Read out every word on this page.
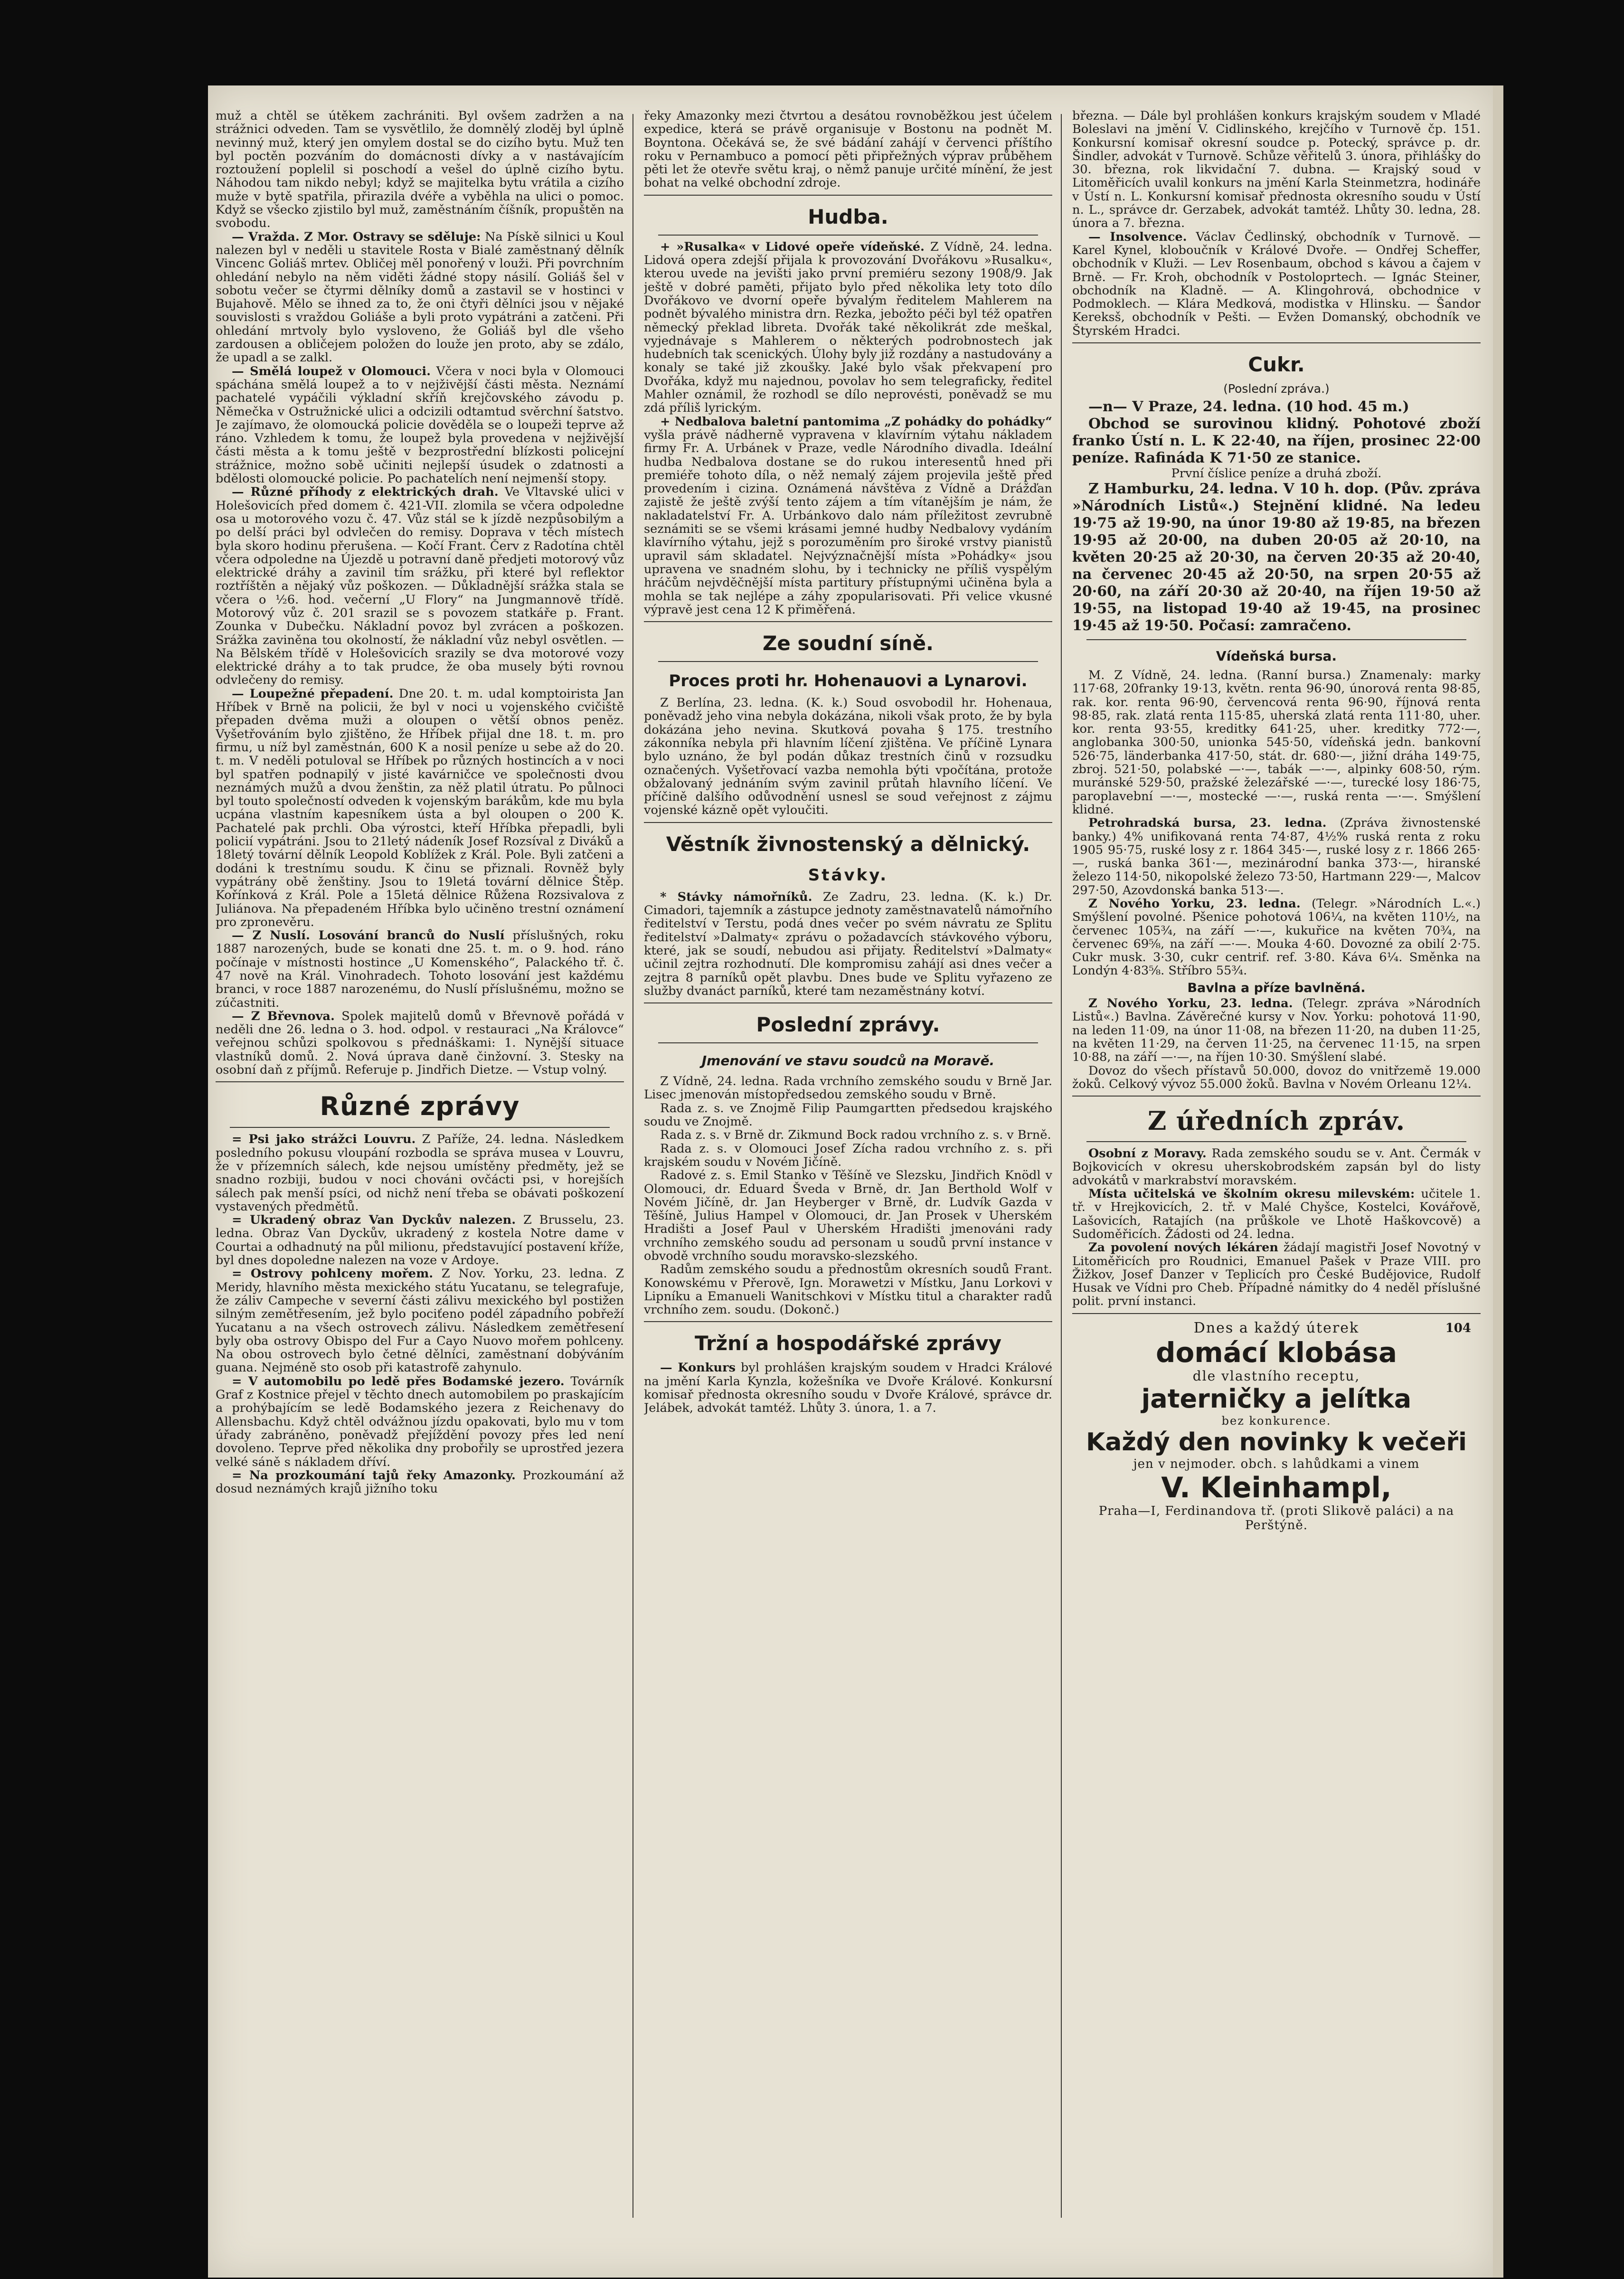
muž a chtěl se útěkem zachrániti. Byl ovšem zadržen a na strážnici odveden. Tam se vysvětlilo, že domnělý zloděj byl úplně nevinný muž, který jen omylem dostal se do cizího bytu. Muž ten byl poctěn pozváním do domácnosti dívky a v nastávajícím roztoužení poplelil si poschodí a vešel do úplně cizího bytu. Náhodou tam nikdo nebyl; když se majitelka bytu vrátila a cizího muže v bytě spatřila, přirazila dvéře a vyběhla na ulici o pomoc. Když se všecko zjistilo byl muž, zaměstnáním číšník, propuštěn na svobodu.

— Vražda. Z Mor. Ostravy se sděluje: Na Pískě silnici u Koul nalezen byl v neděli u stavitele Rosta v Bialé zaměstnaný dělník Vincenc Goliáš mrtev. Obličej měl ponořený v louži. Při povrchním ohledání nebylo na něm viděti žádné stopy násilí. Goliáš šel v sobotu večer se čtyrmi dělníky domů a zastavil se v hostinci v Bujahově. Mělo se ihned za to, že oni čtyři dělníci jsou v nějaké souvislosti s vraždou Goliáše a byli proto vypátráni a zatčeni. Při ohledání mrtvoly bylo vysloveno, že Goliáš byl dle všeho zardousen a obličejem položen do louže jen proto, aby se zdálo, že upadl a se zalkl.

— Smělá loupež v Olomouci. Včera v noci byla v Olomouci spáchána smělá loupež a to v nejživější části města. Neznámí pachatelé vypáčili výkladní skříň krejčovského závodu p. Němečka v Ostružnické ulici a odcizili odtamtud svěrchní šatstvo. Je zajímavo, že olomoucká policie dověděla se o loupeži teprve až ráno. Vzhledem k tomu, že loupež byla provedena v nejživější části města a k tomu ještě v bezprostřední blízkosti policejní strážnice, možno sobě učiniti nejlepší úsudek o zdatnosti a bdělosti olomoucké policie. Po pachatelích není nejmenší stopy.

— Různé příhody z elektrických drah. Ve Vltavské ulici v Holešovicích před domem č. 421-VII. zlomila se včera odpoledne osa u motorového vozu č. 47. Vůz stál se k jízdě nezpůsobilým a po delší práci byl odvlečen do remisy. Doprava v těch místech byla skoro hodinu přerušena. — Kočí Frant. Červ z Radotína chtěl včera odpoledne na Újezdě u potravní daně předjeti motorový vůz elektrické dráhy a zavinil tím srážku, při které byl reflektor roztříštěn a nějaký vůz poškozen. — Důkladnější srážka stala se včera o ½6. hod. večerní „U Flory“ na Jungmannově třídě. Motorový vůz č. 201 srazil se s povozem statkáře p. Frant. Zounka v Dubečku. Nákladní povoz byl zvrácen a poškozen. Srážka zaviněna tou okolností, že nákladní vůz nebyl osvětlen. — Na Bělském třídě v Holešovicích srazily se dva motorové vozy elektrické dráhy a to tak prudce, že oba musely býti rovnou odvlečeny do remisy.

— Loupežné přepadení. Dne 20. t. m. udal komptoirista Jan Hříbek v Brně na policii, že byl v noci u vojenského cvičiště přepaden dvěma muži a oloupen o větší obnos peněz. Vyšetřováním bylo zjištěno, že Hříbek přijal dne 18. t. m. pro firmu, u níž byl zaměstnán, 600 K a nosil peníze u sebe až do 20. t. m. V neděli potuloval se Hříbek po různých hostincích a v noci byl spatřen podnapilý v jisté kavárničce ve společnosti dvou neznámých mužů a dvou ženštin, za něž platil útratu. Po půlnoci byl touto společností odveden k vojenským barákům, kde mu byla ucpána vlastním kapesníkem ústa a byl oloupen o 200 K. Pachatelé pak prchli. Oba výrostci, kteří Hříbka přepadli, byli policií vypátráni. Jsou to 21letý nádeník Josef Rozsíval z Diváků a 18letý tovární dělník Leopold Koblížek z Král. Pole. Byli zatčeni a dodáni k trestnímu soudu. K činu se přiznali. Rovněž byly vypátrány obě ženštiny. Jsou to 19letá tovární dělnice Štěp. Kořínková z Král. Pole a 15letá dělnice Růžena Rozsivalova z Juliánova. Na přepadeném Hříbka bylo učiněno trestní oznámení pro zpronevěru.

— Z Nuslí. Losování branců do Nuslí příslušných, roku 1887 narozených, bude se konati dne 25. t. m. o 9. hod. ráno počínaje v místnosti hostince „U Komenského“, Palackého tř. č. 47 nově na Král. Vinohradech. Tohoto losování jest každému branci, v roce 1887 narozenému, do Nuslí příslušnému, možno se zúčastniti.

— Z Břevnova. Spolek majitelů domů v Břevnově pořádá v neděli dne 26. ledna o 3. hod. odpol. v restauraci „Na Královce“ veřejnou schůzi spolkovou s přednáškami: 1. Nynější situace vlastníků domů. 2. Nová úprava daně činžovní. 3. Stesky na osobní daň z příjmů. Referuje p. Jindřich Dietze. — Vstup volný.

Různé zprávy

= Psi jako strážci Louvru. Z Paříže, 24. ledna. Následkem posledního pokusu vloupání rozbodla se správa musea v Louvru, že v přízemních sálech, kde nejsou umístěny předměty, jež se snadno rozbiji, budou v noci chováni ovčácti psi, v horejších sálech pak menší psíci, od nichž není třeba se obávati poškození vystavených předmětů.

= Ukradený obraz Van Dyckův nalezen. Z Brusselu, 23. ledna. Obraz Van Dyckův, ukradený z kostela Notre dame v Courtai a odhadnutý na půl milionu, představující postavení kříže, byl dnes dopoledne nalezen na voze v Ardoye.

= Ostrovy pohlceny mořem. Z Nov. Yorku, 23. ledna. Z Meridy, hlavního města mexického státu Yucatanu, se telegrafuje, že záliv Campeche v severní části zálivu mexického byl postižen silným zemětřesením, jež bylo pociťeno podél západního pobřeží Yucatanu a na všech ostrovech zálivu. Následkem zemětřesení byly oba ostrovy Obispo del Fur a Cayo Nuovo mořem pohlceny. Na obou ostrovech bylo četné dělníci, zaměstnaní dobýváním guana. Nejméně sto osob při katastrofě zahynulo.

= V automobilu po ledě přes Bodamské jezero. Továrník Graf z Kostnice přejel v těchto dnech automobilem po praskajícím a prohýbajícím se ledě Bodamského jezera z Reichenavy do Allensbachu. Když chtěl odvážnou jízdu opakovati, bylo mu v tom úřady zabráněno, poněvadž přejíždění povozy přes led není dovoleno. Teprve před několika dny probořily se uprostřed jezera velké sáně s nákladem dříví.

= Na prozkoumání tajů řeky Amazonky. Prozkoumání až dosud neznámých krajů jižního toku

řeky Amazonky mezi čtvrtou a desátou rovnoběžkou jest účelem expedice, která se právě organisuje v Bostonu na podnět M. Boyntona. Očekává se, že své bádání zahájí v červenci příštího roku v Pernambuco a pomocí pěti připřežných výprav průběhem pěti let že otevře světu kraj, o němž panuje určité mínění, že jest bohat na velké obchodní zdroje.

Hudba.

+ »Rusalka« v Lidové opeře vídeňské. Z Vídně, 24. ledna. Lidová opera zdejší přijala k provozování Dvořákovu »Rusalku«, kterou uvede na jevišti jako první premiéru sezony 1908/9. Jak ještě v dobré paměti, přijato bylo před několika lety toto dílo Dvořákovo ve dvorní opeře bývalým ředitelem Mahlerem na podnět bývalého ministra drn. Rezka, jebožto péči byl též opatřen německý překlad libreta. Dvořák také několikrát zde meškal, vyjednávaje s Mahlerem o některých podrobnostech jak hudebních tak scenických. Úlohy byly již rozdány a nastudovány a konaly se také již zkoušky. Jaké bylo však překvapení pro Dvořáka, když mu najednou, povolav ho sem telegraficky, ředitel Mahler oznámil, že rozhodl se dílo neprovésti, poněvadž se mu zdá příliš lyrickým.

+ Nedbalova baletní pantomima „Z pohádky do pohádky“ vyšla právě nádherně vypravena v klavírním výtahu nákladem firmy Fr. A. Urbánek v Praze, vedle Národního divadla. Ideální hudba Nedbalova dostane se do rukou interesentů hned při premiéře tohoto díla, o něž nemalý zájem projevila ještě před provedením i cizina. Oznámená návštěva z Vídně a Drážďan zajistě že ještě zvýší tento zájem a tím vítanějším je nám, že nakladatelství Fr. A. Urbánkovo dalo nám příležitost zevrubně seznámiti se se všemi krásami jemné hudby Nedbalovy vydáním klavírního výtahu, jejž s porozuměním pro široké vrstvy pianistů upravil sám skladatel. Nejvýznačnější místa »Pohádky« jsou upravena ve snadném slohu, by i technicky ne příliš vyspělým hráčům nejvděčnější místa partitury přístupnými učiněna byla a mohla se tak nejlépe a záhy zpopularisovati. Při velice vkusné výpravě jest cena 12 K přiměřená.

Ze soudní síně.
Proces proti hr. Hohenauovi a Lynarovi.

Z Berlína, 23. ledna. (K. k.) Soud osvobodil hr. Hohenaua, poněvadž jeho vina nebyla dokázána, nikoli však proto, že by byla dokázána jeho nevina. Skutková povaha § 175. trestního zákonníka nebyla při hlavním líčení zjištěna. Ve příčině Lynara bylo uznáno, že byl podán důkaz trestních činů v rozsudku označených. Vyšetřovací vazba nemohla býti vpočítána, protože obžalovaný jednáním svým zavinil průtah hlavního líčení. Ve příčině dalšího odůvodnění usnesl se soud veřejnost z zájmu vojenské kázně opět vyloučiti.

Věstník živnostenský a dělnický.
Stávky.

* Stávky námořníků. Ze Zadru, 23. ledna. (K. k.) Dr. Cimadori, tajemník a zástupce jednoty zaměstnavatelů námořního ředitelství v Terstu, podá dnes večer po svém návratu ze Splitu ředitelství »Dalmaty« zprávu o požadavcích stávkového výboru, které, jak se soudí, nebudou asi přijaty. Ředitelství »Dalmaty« učinil zejtra rozhodnutí. Dle kompromisu zahájí asi dnes večer a zejtra 8 parníků opět plavbu. Dnes bude ve Splitu vyřazeno ze služby dvanáct parníků, které tam nezaměstnány kotví.

Poslední zprávy.
Jmenování ve stavu soudců na Moravě.

Z Vídně, 24. ledna. Rada vrchního zemského soudu v Brně Jar. Lisec jmenován místopředsedou zemského soudu v Brně.

Rada z. s. ve Znojmě Filip Paumgartten předsedou krajského soudu ve Znojmě.

Rada z. s. v Brně dr. Zikmund Bock radou vrchního z. s. v Brně.

Rada z. s. v Olomouci Josef Zícha radou vrchního z. s. při krajském soudu v Novém Jičíně.

Radové z. s. Emil Stanko v Těšíně ve Slezsku, Jindřich Knödl v Olomouci, dr. Eduard Šveda v Brně, dr. Jan Berthold Wolf v Novém Jičíně, dr. Jan Heyberger v Brně, dr. Ludvík Gazda v Těšíně, Julius Hampel v Olomouci, dr. Jan Prosek v Uherském Hradišti a Josef Paul v Uherském Hradišti jmenováni rady vrchního zemského soudu ad personam u soudů první instance v obvodě vrchního soudu moravsko-slezského.

Radům zemského soudu a přednostům okresních soudů Frant. Konowskému v Přerově, Ign. Morawetzi v Místku, Janu Lorkovi v Lipníku a Emanueli Wanitschkovi v Místku titul a charakter radů vrchního zem. soudu. (Dokonč.)

Tržní a hospodářské zprávy

— Konkurs byl prohlášen krajským soudem v Hradci Králové na jmění Karla Kynzla, kožešníka ve Dvoře Králové. Konkursní komisař přednosta okresního soudu v Dvoře Králové, správce dr. Jelábek, advokát tamtéž. Lhůty 3. února, 1. a 7.

března. — Dále byl prohlášen konkurs krajským soudem v Mladé Boleslavi na jmění V. Cidlinského, krejčího v Turnově čp. 151. Konkursní komisař okresní soudce p. Potecký, správce p. dr. Šindler, advokát v Turnově. Schůze věřitelů 3. února, přihlášky do 30. března, rok likvidační 7. dubna. — Krajský soud v Litoměřicích uvalil konkurs na jmění Karla Steinmetzra, hodináře v Ústí n. L. Konkursní komisař přednosta okresního soudu v Ústí n. L., správce dr. Gerzabek, advokát tamtéž. Lhůty 30. ledna, 28. února a 7. března.

— Insolvence. Václav Čedlinský, obchodník v Turnově. — Karel Kynel, kloboučník v Králové Dvoře. — Ondřej Scheffer, obchodník v Kluži. — Lev Rosenbaum, obchod s kávou a čajem v Brně. — Fr. Kroh, obchodník v Postoloprtech. — Ignác Steiner, obchodník na Kladně. — A. Klingohrová, obchodnice v Podmoklech. — Klára Medková, modistka v Hlinsku. — Šandor Kereksš, obchodník v Pešti. — Evžen Domanský, obchodník ve Štyrském Hradci.

Cukr.
(Poslední zpráva.)

—n— V Praze, 24. ledna. (10 hod. 45 m.)

Obchod se surovinou klidný. Pohotové zboží franko Ústí n. L. K 22·40, na říjen, prosinec 22·00 peníze. Rafináda K 71·50 ze stanice.

První číslice peníze a druhá zboží.

Z Hamburku, 24. ledna. V 10 h. dop. (Pův. zpráva »Národních Listů«.) Stejnění klidné. Na ledeu 19·75 až 19·90, na únor 19·80 až 19·85, na březen 19·95 až 20·00, na duben 20·05 až 20·10, na květen 20·25 až 20·30, na červen 20·35 až 20·40, na červenec 20·45 až 20·50, na srpen 20·55 až 20·60, na září 20·30 až 20·40, na říjen 19·50 až 19·55, na listopad 19·40 až 19·45, na prosinec 19·45 až 19·50. Počasí: zamračeno.

Vídeňská bursa.

M. Z Vídně, 24. ledna. (Ranní bursa.) Znamenaly: marky 117·68, 20franky 19·13, květn. renta 96·90, únorová renta 98·85, rak. kor. renta 96·90, červencová renta 96·90, říjnová renta 98·85, rak. zlatá renta 115·85, uherská zlatá renta 111·80, uher. kor. renta 93·55, kreditky 641·25, uher. kreditky 772·—, anglobanka 300·50, unionka 545·50, vídeňská jedn. bankovní 526·75, länderbanka 417·50, stát. dr. 680·—, jižní dráha 149·75, zbroj. 521·50, polabské —·—, tabák —·—, alpinky 608·50, rým. muránské 529·50, pražské železářské —·—, turecké losy 186·75, paroplavební —·—, mostecké —·—, ruská renta —·—. Smýšlení klidné.

Petrohradská bursa, 23. ledna. (Zpráva živnostenské banky.) 4% unifikovaná renta 74·87, 4½% ruská renta z roku 1905 95·75, ruské losy z r. 1864 345·—, ruské losy z r. 1866 265·—, ruská banka 361·—, mezinárodní banka 373·—, hiranské železo 114·50, nikopolské železo 73·50, Hartmann 229·—, Malcov 297·50, Azovdonská banka 513·—.

Z Nového Yorku, 23. ledna. (Telegr. »Národních L.«.) Smýšlení povolné. Pšenice pohotová 106¼, na květen 110½, na červenec 105¾, na září —·—, kukuřice na květen 70¾, na červenec 69⅝, na září —·—. Mouka 4·60. Dovozné za obilí 2·75. Cukr musk. 3·30, cukr centrif. ref. 3·80. Káva 6¼. Směnka na Londýn 4·83⅝. Stříbro 55¾.

Bavlna a příze bavlněná.

Z Nového Yorku, 23. ledna. (Telegr. zpráva »Národních Listů«.) Bavlna. Závěrečné kursy v Nov. Yorku: pohotová 11·90, na leden 11·09, na únor 11·08, na březen 11·20, na duben 11·25, na květen 11·29, na červen 11·25, na červenec 11·15, na srpen 10·88, na září —·—, na říjen 10·30. Smýšlení slabé.

Dovoz do všech přístavů 50.000, dovoz do vnitřzemě 19.000 žoků. Celkový vývoz 55.000 žoků. Bavlna v Novém Orleanu 12¼.

Z úředních zpráv.

Osobní z Moravy. Rada zemského soudu se v. Ant. Čermák v Bojkovicích v okresu uherskobrodském zapsán byl do listy advokátů v markrabství moravském.

Místa učitelská ve školním okresu milevském: učitele 1. tř. v Hrejkovicích, 2. tř. v Malé Chyšce, Kostelci, Kovářově, Lašovicích, Ratajích (na průškole ve Lhotě Haškovcově) a Sudoměřicích. Žádosti od 24. ledna.

Za povolení nových lékáren žádají magistři Josef Novotný v Litoměřicích pro Roudnici, Emanuel Pašek v Praze VIII. pro Žižkov, Josef Danzer v Teplicích pro České Budějovice, Rudolf Husak ve Vídni pro Cheb. Případné námitky do 4 neděl příslušné polit. první instanci.

104
Dnes a každý úterek
domácí klobása
dle vlastního receptu,
jaterničky a jelítka
bez konkurence.
Každý den novinky k večeři
jen v nejmoder. obch. s lahůdkami a vinem
V. Kleinhampl,
Praha—I, Ferdinandova tř. (proti Slikově paláci) a na Perštýně.
